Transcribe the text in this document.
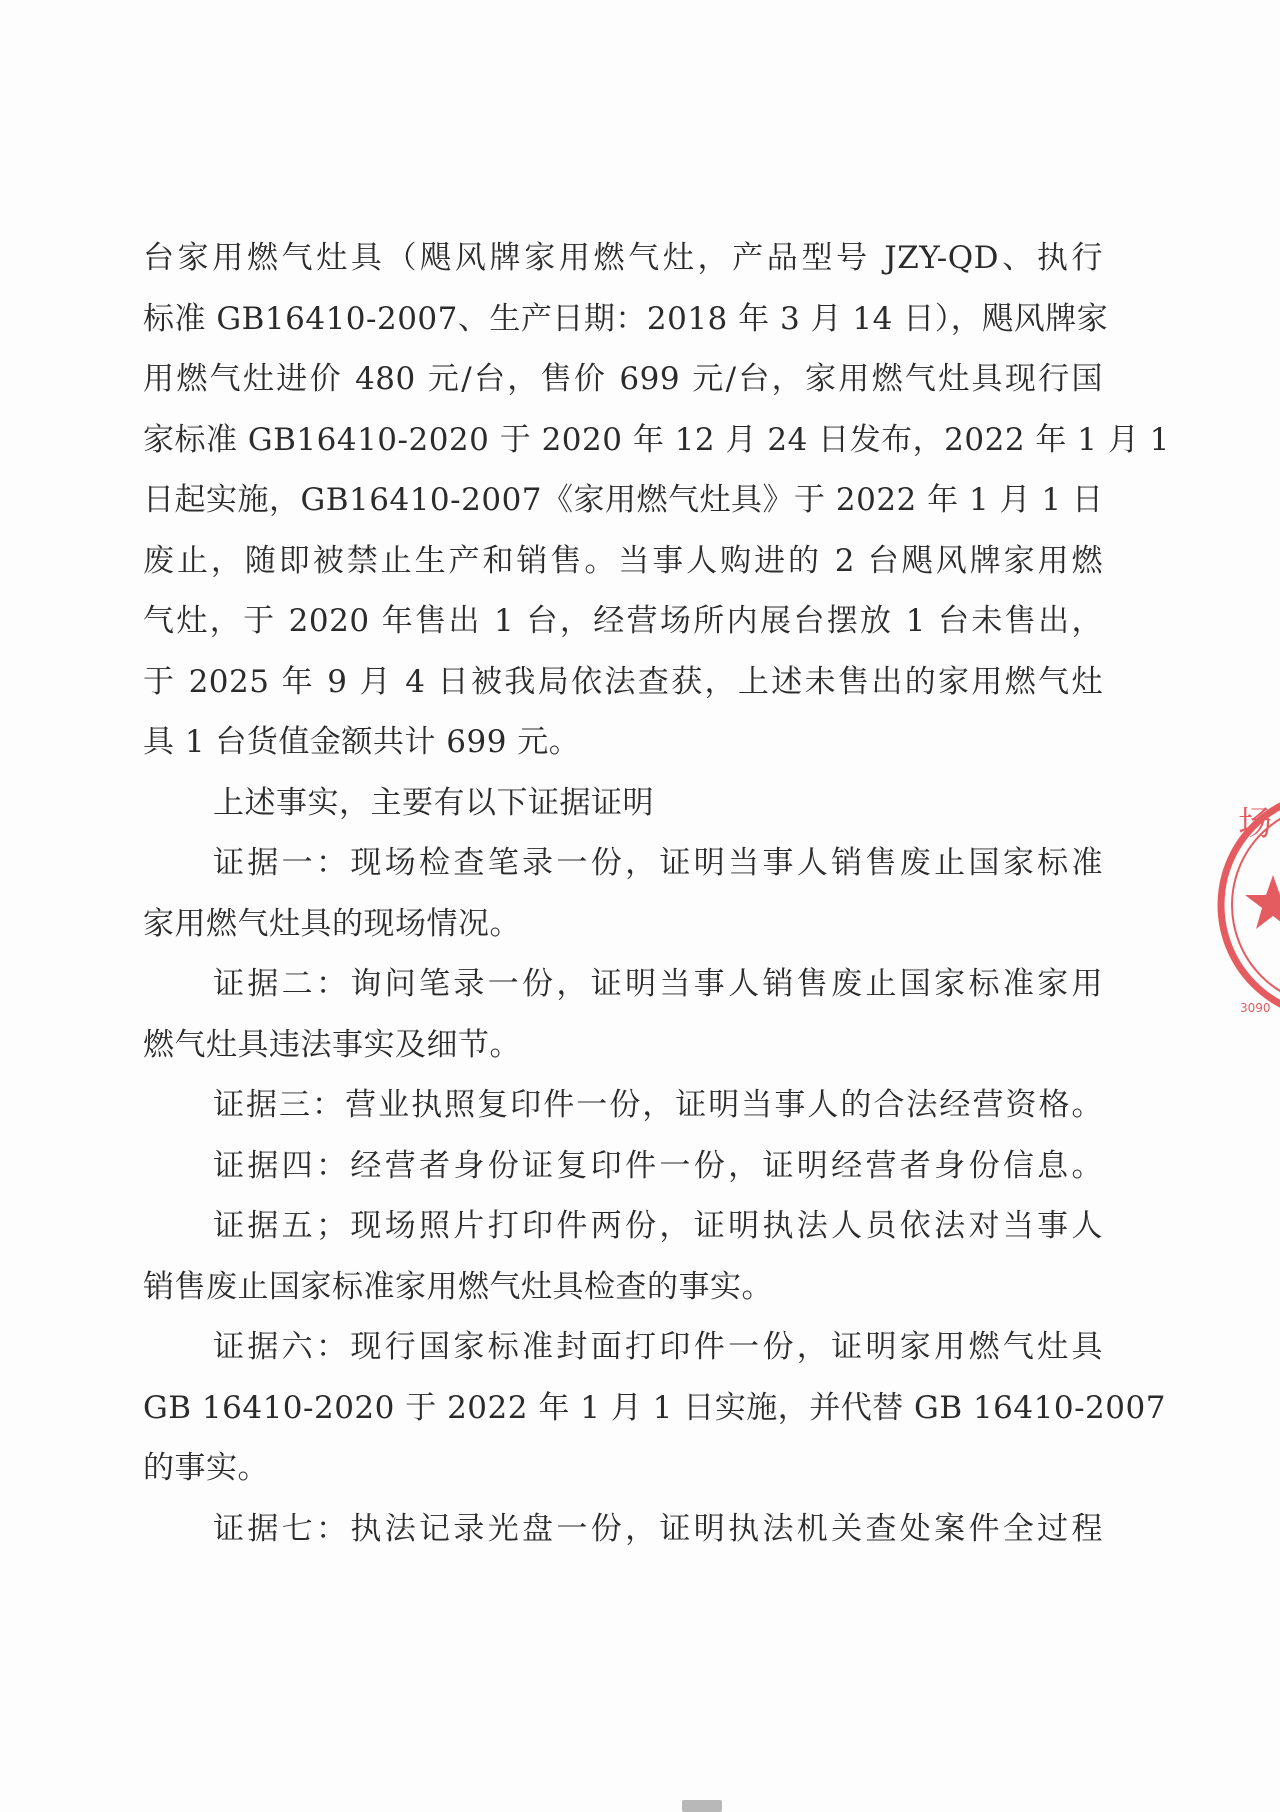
台家用燃气灶具（飓风牌家用燃气灶，产品型号 JZY-QD、执行
标准 GB16410-2007、生产日期：2018 年 3 月 14 日），飓风牌家
用燃气灶进价 480 元/台，售价 699 元/台，家用燃气灶具现行国
家标准 GB16410-2020 于 2020 年 12 月 24 日发布，2022 年 1 月 1
日起实施，GB16410-2007《家用燃气灶具》于 2022 年 1 月 1 日
废止，随即被禁止生产和销售。当事人购进的 2 台飓风牌家用燃
气灶，于 2020 年售出 1 台，经营场所内展台摆放 1 台未售出，
于 2025 年 9 月 4 日被我局依法查获，上述未售出的家用燃气灶
具 1 台货值金额共计 699 元。
上述事实，主要有以下证据证明
证据一：现场检查笔录一份，证明当事人销售废止国家标准
家用燃气灶具的现场情况。
证据二：询问笔录一份，证明当事人销售废止国家标准家用
燃气灶具违法事实及细节。
证据三：营业执照复印件一份，证明当事人的合法经营资格。
证据四：经营者身份证复印件一份，证明经营者身份信息。
证据五；现场照片打印件两份，证明执法人员依法对当事人
销售废止国家标准家用燃气灶具检查的事实。
证据六：现行国家标准封面打印件一份，证明家用燃气灶具
GB 16410-2020 于 2022 年 1 月 1 日实施，并代替 GB 16410-2007
的事实。
证据七：执法记录光盘一份，证明执法机关查处案件全过程
场
3090
